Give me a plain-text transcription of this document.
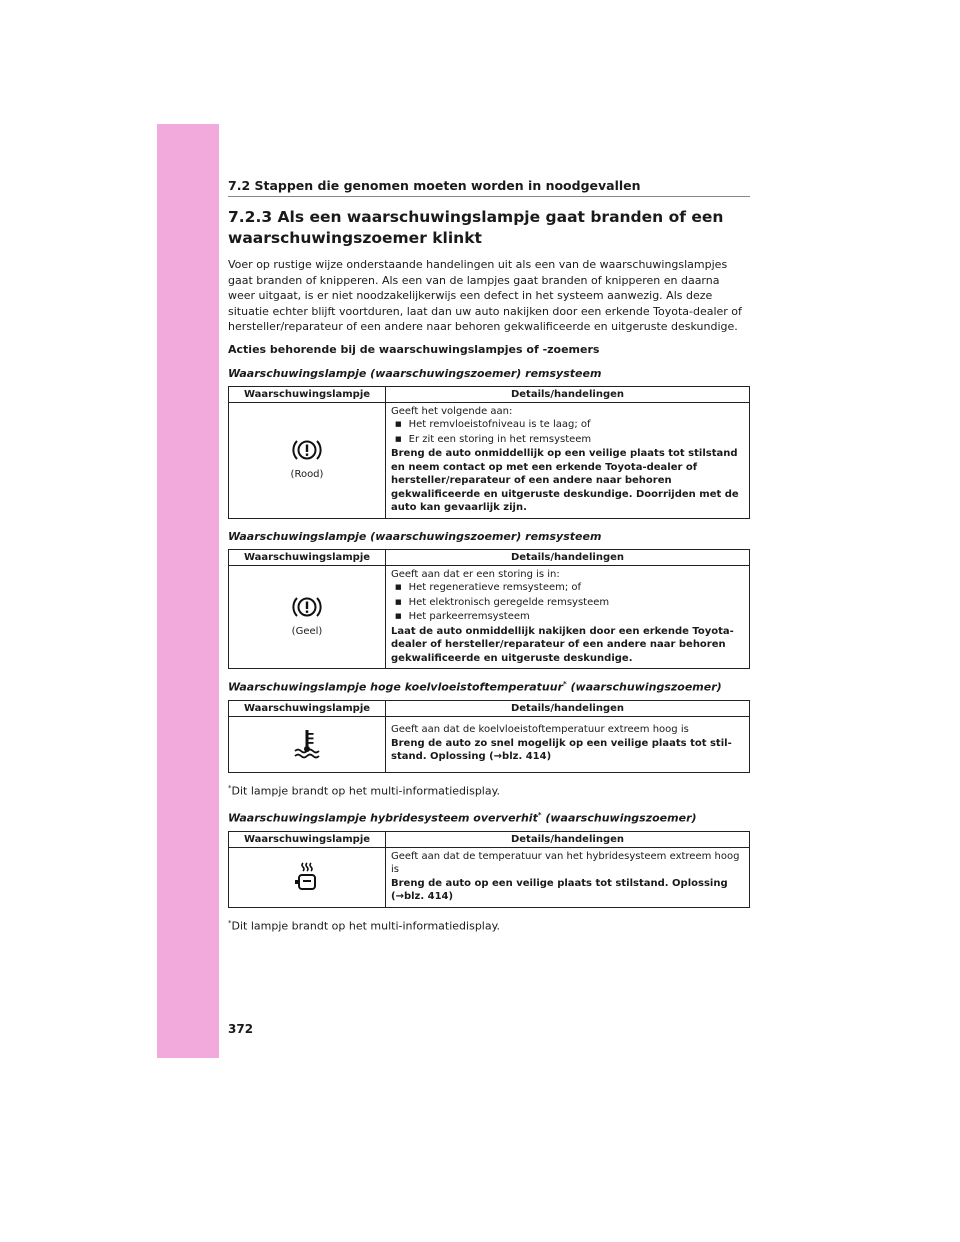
7.2 Stappen die genomen moeten worden in noodgevallen
7.2.3 Als een waarschuwingslampje gaat branden of een waarschuwingszoemer klinkt

Voer op rustige wijze onderstaande handelingen uit als een van de waarschuwingslampjes gaat branden of knipperen. Als een van de lampjes gaat branden of knipperen en daarna weer uitgaat, is er niet noodzakelijkerwijs een defect in het systeem aanwezig. Als deze situatie echter blijft voortduren, laat dan uw auto nakijken door een erkende Toyota-dealer of hersteller/reparateur of een andere naar behoren gekwalificeerde en uitgeruste deskundige.

Acties behorende bij de waarschuwingslampjes of -zoemers

Waarschuwingslampje (waarschuwingszoemer) remsysteem

Waarschuwingslampje	Details/handelingen

(Rood)	Geeft het volgende aan:
■ Het remvloeistofniveau is te laag; of
■ Er zit een storing in het remsysteem
Breng de auto onmiddellijk op een veilige plaats tot stilstand en neem contact op met een erkende Toyota-dealer of hersteller/reparateur of een andere naar behoren gekwalificeerde en uitgeruste deskundige. Doorrijden met de auto kan gevaarlijk zijn.

Waarschuwingslampje (waarschuwingszoemer) remsysteem

Waarschuwingslampje	Details/handelingen

(Geel)	Geeft aan dat er een storing is in:
■ Het regeneratieve remsysteem; of
■ Het elektronisch geregelde remsysteem
■ Het parkeerremsysteem
Laat de auto onmiddellijk nakijken door een erkende Toyota-dealer of hersteller/reparateur of een andere naar behoren gekwalificeerde en uitgeruste deskundige.

Waarschuwingslampje hoge koelvloeistoftemperatuur* (waarschuwingszoemer)

Waarschuwingslampje	Details/handelingen

Geeft aan dat de koelvloeistoftemperatuur extreem hoog is
Breng de auto zo snel mogelijk op een veilige plaats tot stil-stand. Oplossing (→blz. 414)

*Dit lampje brandt op het multi-informatiedisplay.

Waarschuwingslampje hybridesysteem oververhit* (waarschuwingszoemer)

Waarschuwingslampje	Details/handelingen

Geeft aan dat de temperatuur van het hybridesysteem extreem hoog is
Breng de auto op een veilige plaats tot stilstand. Oplossing (→blz. 414)

*Dit lampje brandt op het multi-informatiedisplay.

372
